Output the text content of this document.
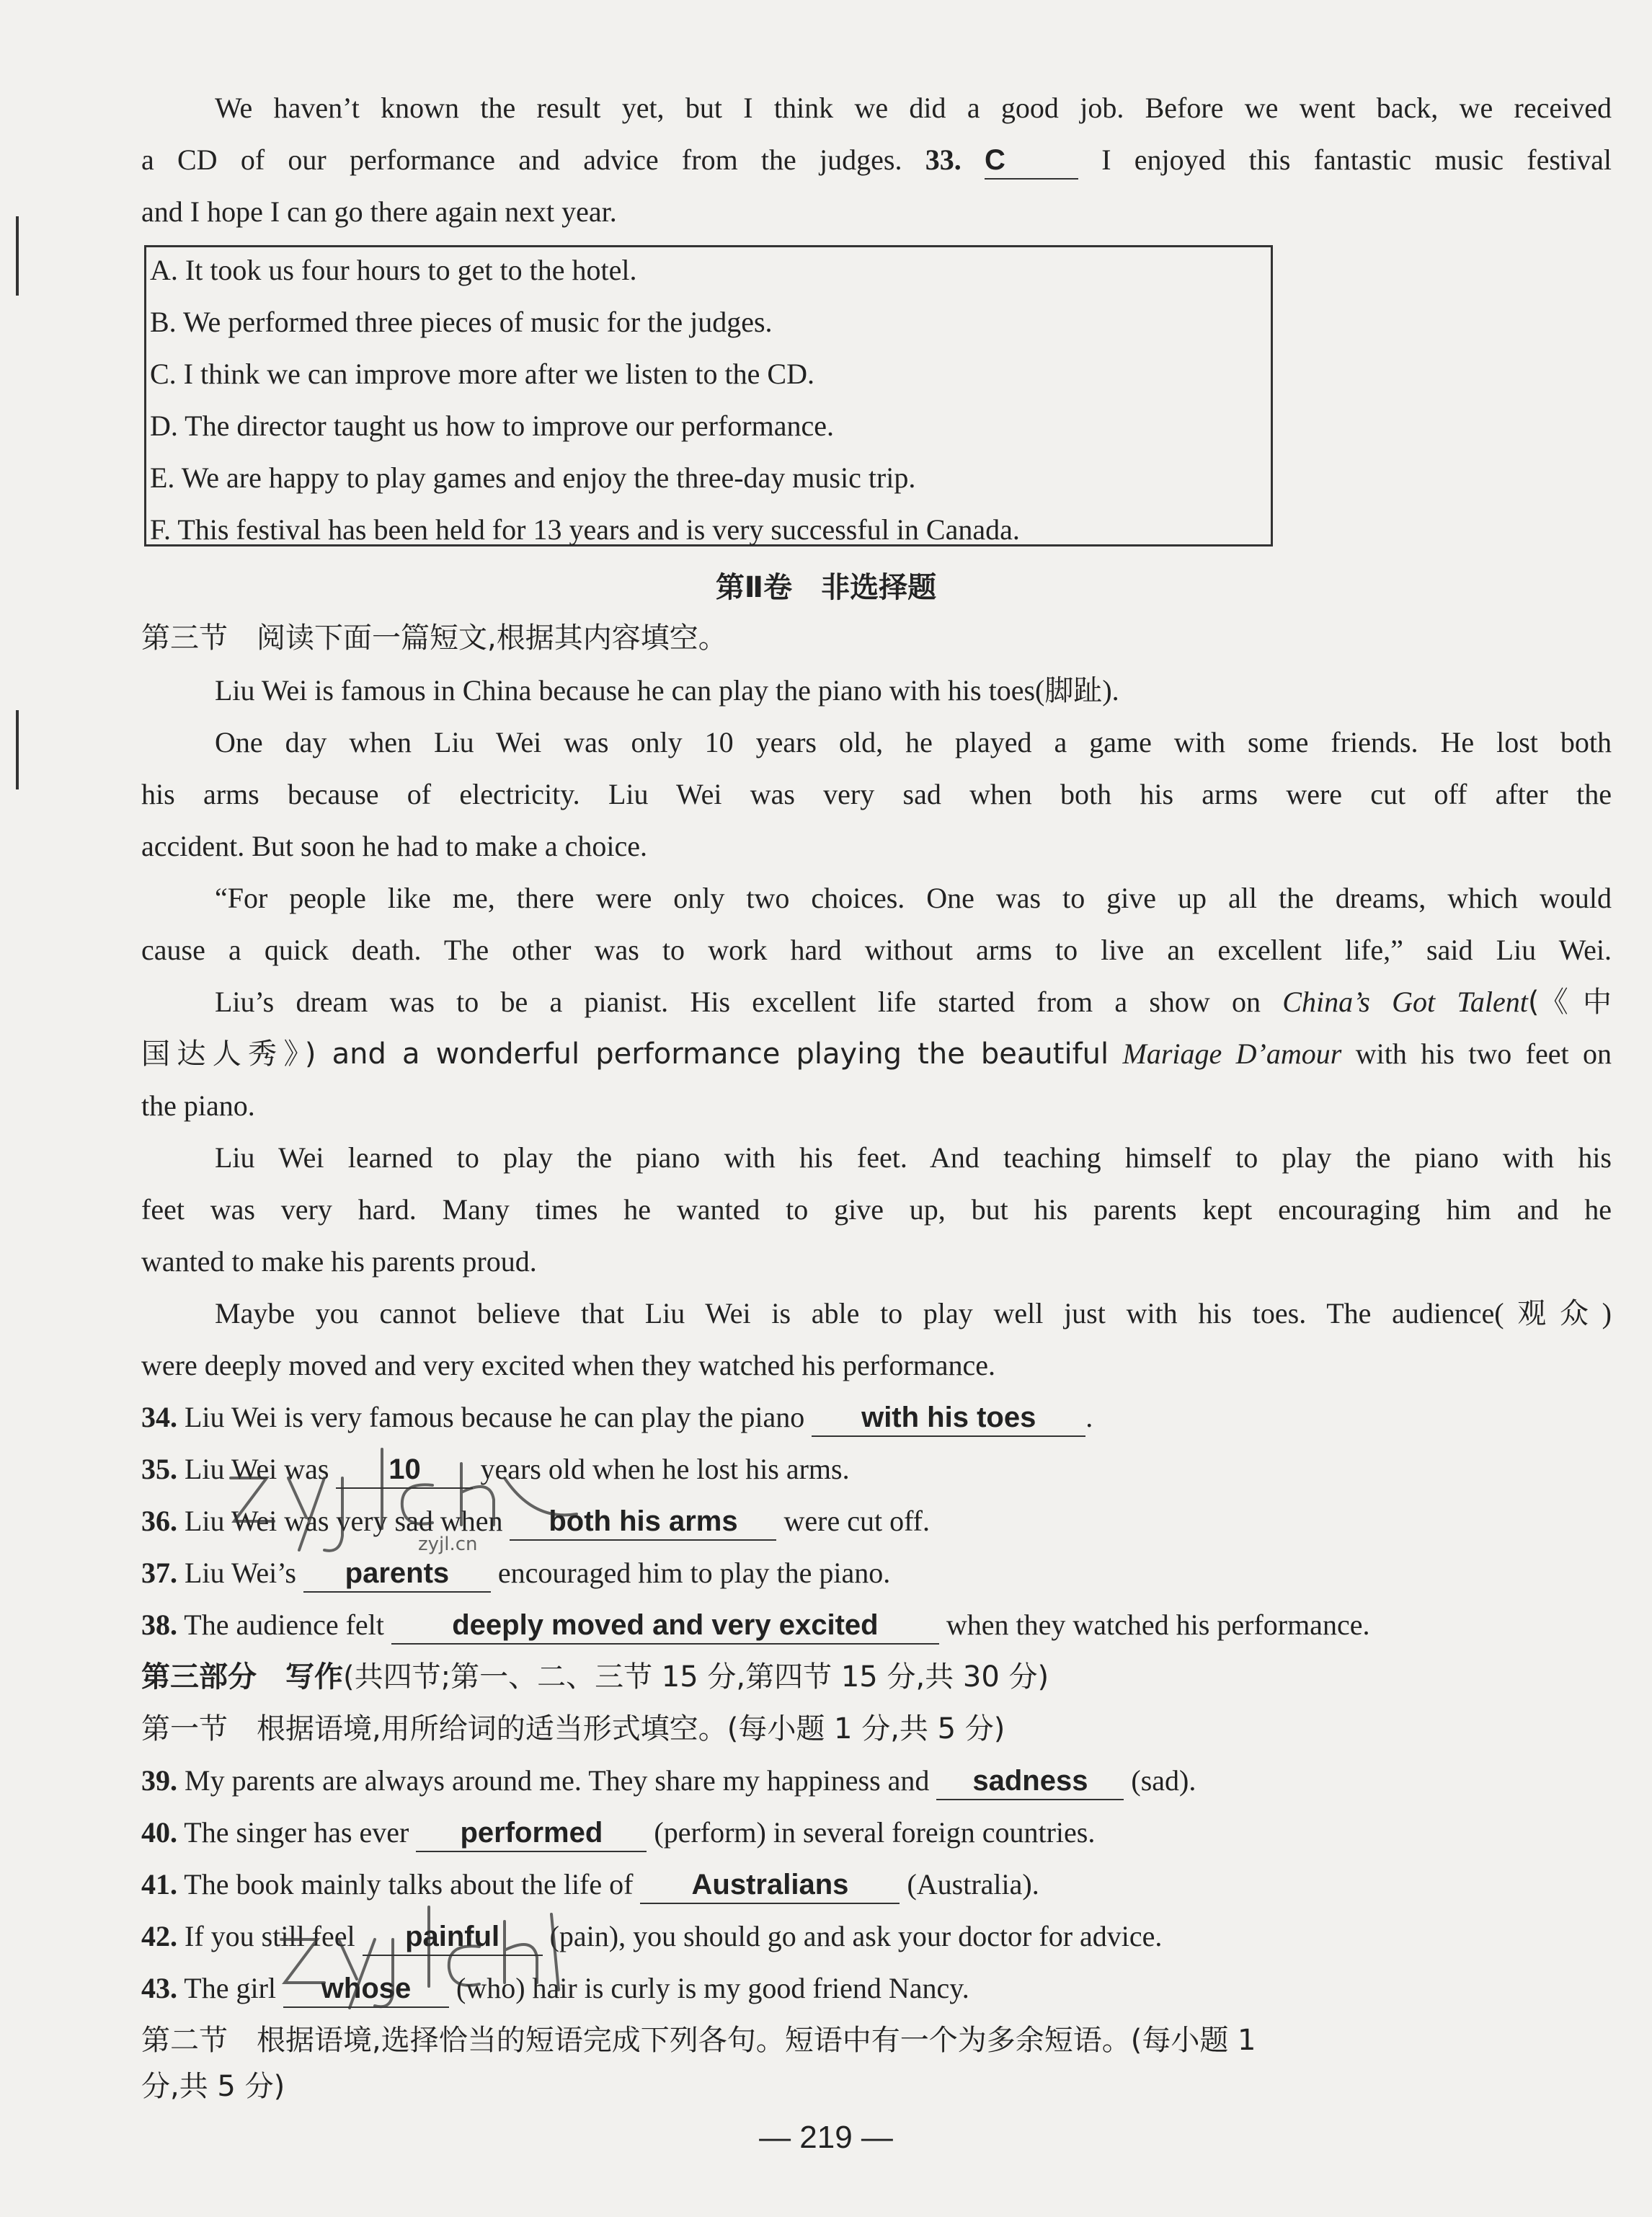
We haven’t known the result yet, but I think we did a good job. Before we went back, we received
a CD of our performance and advice from the judges. 33. C	I enjoyed this fantastic music festival
and I hope I can go there again next year.
A. It took us four hours to get to the hotel.
B. We performed three pieces of music for the judges.
C. I think we can improve more after we listen to the CD.
D. The director taught us how to improve our performance.
E. We are happy to play games and enjoy the three-day music trip.
F. This festival has been held for 13 years and is very successful in Canada.
第Ⅱ卷　非选择题
第三节　阅读下面一篇短文,根据其内容填空。
Liu Wei is famous in China because he can play the piano with his toes(脚趾).
One day when Liu Wei was only 10 years old, he played a game with some friends. He lost both
his arms because of electricity. Liu Wei was very sad when both his arms were cut off after the
accident. But soon he had to make a choice.
“For people like me, there were only two choices. One was to give up all the dreams, which would
cause a quick death. The other was to work hard without arms to live an excellent life,” said Liu Wei.
Liu’s dream was to be a pianist. His excellent life started from a show on China’s Got Talent(《中
国达人秀》) and a wonderful performance playing the beautiful Mariage D’amour with his two feet on
the piano.
Liu Wei learned to play the piano with his feet. And teaching himself to play the piano with his
feet was very hard. Many times he wanted to give up, but his parents kept encouraging him and he
wanted to make his parents proud.
Maybe you cannot believe that Liu Wei is able to play well just with his toes. The audience(观众)
were deeply moved and very excited when they watched his performance.
34. Liu Wei is very famous because he can play the piano with his toes .
35. Liu Wei was 10 years old when he lost his arms.
36. Liu Wei was very sad when both his arms were cut off.
37. Liu Wei’s parents encouraged him to play the piano.
38. The audience felt deeply moved and very excited when they watched his performance.
第三部分　写作(共四节;第一、二、三节 15 分,第四节 15 分,共 30 分)
第一节　根据语境,用所给词的适当形式填空。(每小题 1 分,共 5 分)
39. My parents are always around me. They share my happiness and sadness (sad).
40. The singer has ever performed (perform) in several foreign countries.
41. The book mainly talks about the life of Australians (Australia).
42. If you still feel painful (pain), you should go and ask your doctor for advice.
43. The girl whose (who) hair is curly is my good friend Nancy.
第二节　根据语境,选择恰当的短语完成下列各句。短语中有一个为多余短语。(每小题 1
分,共 5 分)
— 219 —
zyjl.cn
